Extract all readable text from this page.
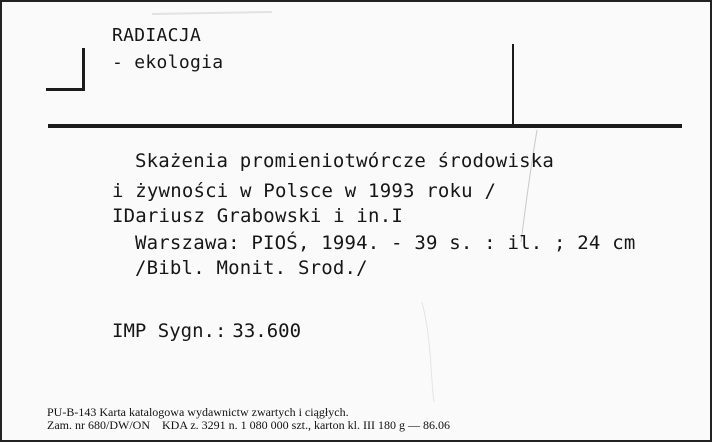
RADIACJA
- ekologia
Skażenia promieniotwórcze środowiska
i żywności w Polsce w 1993 roku /
IDariusz Grabowski i in.I
Warszawa: PIOŚ, 1994. - 39 s. : il. ; 24 cm
/Bibl. Monit. Srod./
IMP Sygn.: 33.600
PU-B-143 Karta katalogowa wydawnictw zwartych i ciągłych.
Zam. nr 680/DW/ON KDA z. 3291 n. 1 080 000 szt., karton kl. III 180 g — 86.06
